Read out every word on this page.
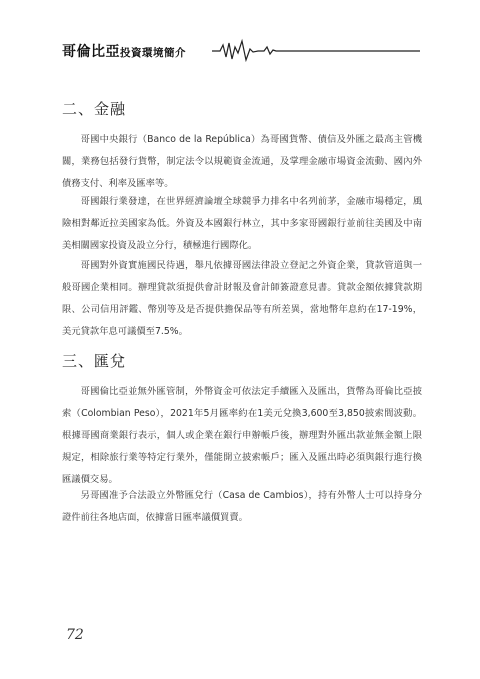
哥倫比亞投資環境簡介
二、金融

哥國中央銀行（Banco de la República）為哥國貨幣、債信及外匯之最高主管機關，業務包括發行貨幣，制定法令以規範資金流通，及掌理金融市場資金流動、國內外債務支付、利率及匯率等。

哥國銀行業發達，在世界經濟論壇全球競爭力排名中名列前茅，金融市場穩定，風險相對鄰近拉美國家為低。外資及本國銀行林立，其中多家哥國銀行並前往美國及中南美相關國家投資及設立分行，積極進行國際化。

哥國對外資實施國民待遇，舉凡依據哥國法律設立登記之外資企業，貸款管道與一般哥國企業相同。辦理貸款須提供會計財報及會計師簽證意見書。貸款金額依據貸款期限、公司信用評鑑、幣別等及是否提供擔保品等有所差異，當地幣年息約在17-19%，美元貸款年息可議價至7.5%。

三、匯兌

哥國倫比亞並無外匯管制，外幣資金可依法定手續匯入及匯出，貨幣為哥倫比亞披索（Colombian Peso），2021年5月匯率約在1美元兌換3,600至3,850披索間波動。根據哥國商業銀行表示，個人或企業在銀行申辦帳戶後，辦理對外匯出款並無金額上限規定，相除旅行業等特定行業外，僅能開立披索帳戶；匯入及匯出時必須與銀行進行換匯議價交易。

另哥國准予合法設立外幣匯兌行（Casa de Cambios），持有外幣人士可以持身分證件前往各地店面，依據當日匯率議價買賣。

72
